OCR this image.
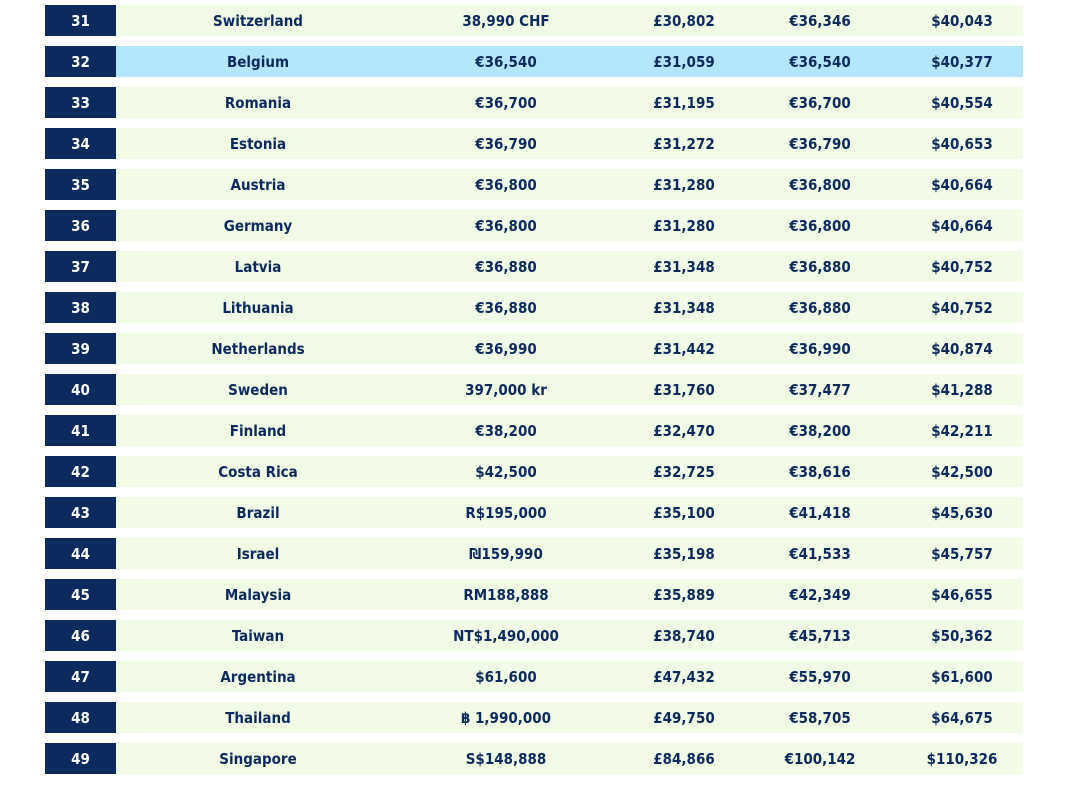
31	Switzerland	38,990 CHF	£30,802	€36,346	$40,043
32	Belgium	€36,540	£31,059	€36,540	$40,377
33	Romania	€36,700	£31,195	€36,700	$40,554
34	Estonia	€36,790	£31,272	€36,790	$40,653
35	Austria	€36,800	£31,280	€36,800	$40,664
36	Germany	€36,800	£31,280	€36,800	$40,664
37	Latvia	€36,880	£31,348	€36,880	$40,752
38	Lithuania	€36,880	£31,348	€36,880	$40,752
39	Netherlands	€36,990	£31,442	€36,990	$40,874
40	Sweden	397,000 kr	£31,760	€37,477	$41,288
41	Finland	€38,200	£32,470	€38,200	$42,211
42	Costa Rica	$42,500	£32,725	€38,616	$42,500
43	Brazil	R$195,000	£35,100	€41,418	$45,630
44	Israel	₪159,990	£35,198	€41,533	$45,757
45	Malaysia	RM188,888	£35,889	€42,349	$46,655
46	Taiwan	NT$1,490,000	£38,740	€45,713	$50,362
47	Argentina	$61,600	£47,432	€55,970	$61,600
48	Thailand	฿ 1,990,000	£49,750	€58,705	$64,675
49	Singapore	S$148,888	£84,866	€100,142	$110,326
